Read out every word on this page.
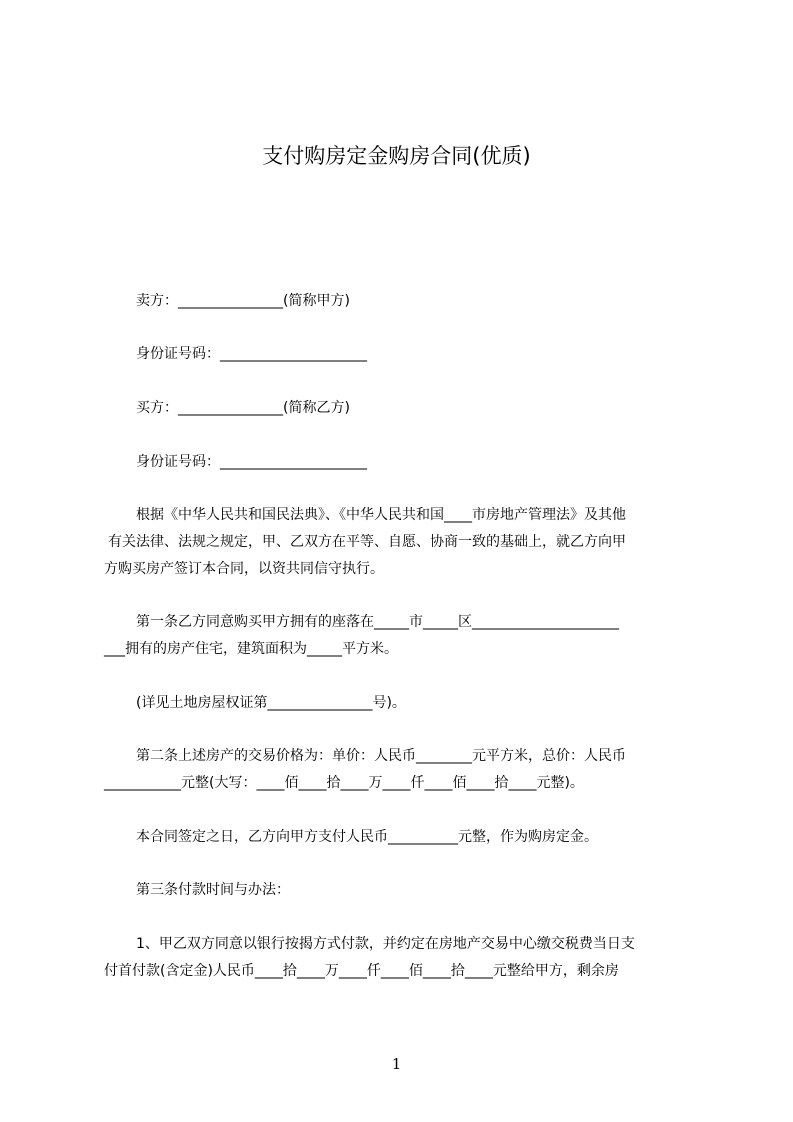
支付购房定金购房合同(优质)

卖方：_______________(简称甲方)

身份证号码：_____________________

买方：_______________(简称乙方)

身份证号码：_____________________

根据《中华人民共和国民法典》、《中华人民共和国____市房地产管理法》及其他

有关法律、法规之规定，甲、乙双方在平等、自愿、协商一致的基础上，就乙方向甲

方购买房产签订本合同，以资共同信守执行。

第一条乙方同意购买甲方拥有的座落在_____市_____区_____________________

___拥有的房产住宅，建筑面积为_____平方米。

(详见土地房屋权证第_______________号)。

第二条上述房产的交易价格为：单价：人民币________元平方米，总价：人民币

___________元整(大写：____佰____拾____万____仟____佰____拾____元整)。

本合同签定之日，乙方向甲方支付人民币__________元整，作为购房定金。

第三条付款时间与办法：

1、甲乙双方同意以银行按揭方式付款，并约定在房地产交易中心缴交税费当日支

付首付款(含定金)人民币____拾____万____仟____佰____拾____元整给甲方，剩余房

1
